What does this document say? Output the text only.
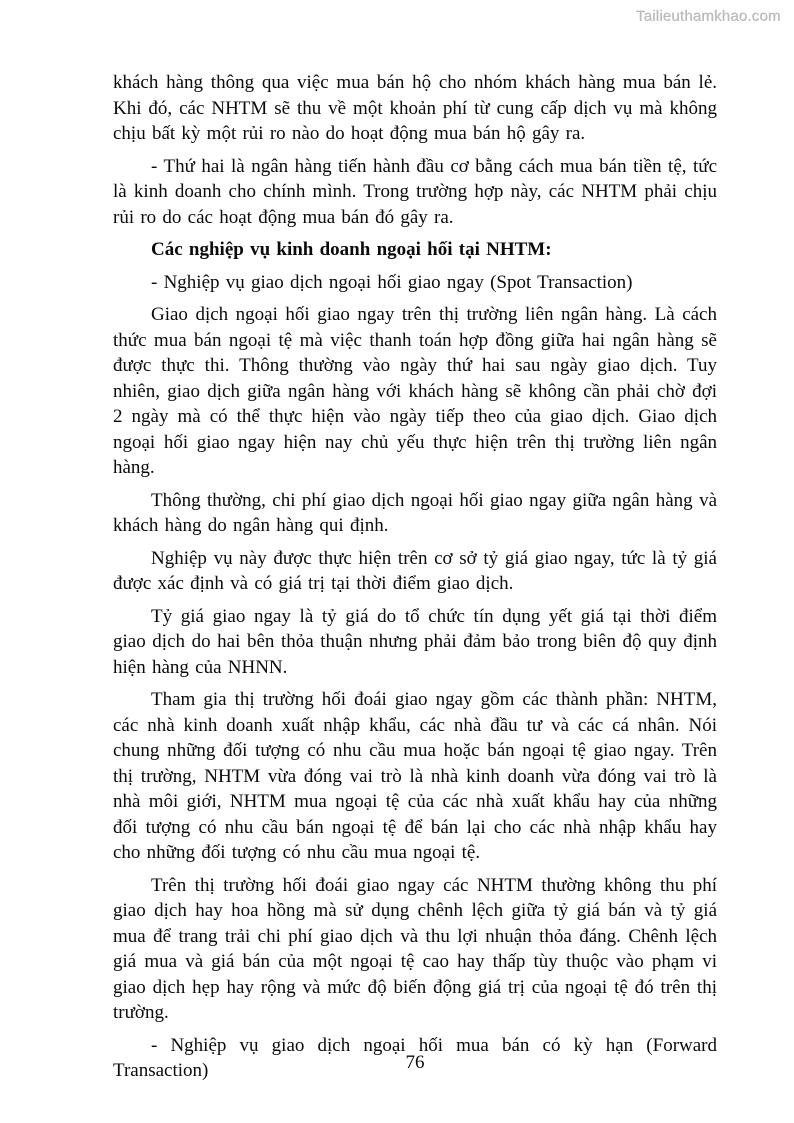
Tailieuthamkhao.com

khách hàng thông qua việc mua bán hộ cho nhóm khách hàng mua bán lẻ. Khi đó, các NHTM sẽ thu về một khoản phí từ cung cấp dịch vụ mà không chịu bất kỳ một rủi ro nào do hoạt động mua bán hộ gây ra.

- Thứ hai là ngân hàng tiến hành đầu cơ bằng cách mua bán tiền tệ, tức là kinh doanh cho chính mình. Trong trường hợp này, các NHTM phải chịu rủi ro do các hoạt động mua bán đó gây ra.

Các nghiệp vụ kinh doanh ngoại hối tại NHTM:

- Nghiệp vụ giao dịch ngoại hối giao ngay (Spot Transaction)

Giao dịch ngoại hối giao ngay trên thị trường liên ngân hàng. Là cách thức mua bán ngoại tệ mà việc thanh toán hợp đồng giữa hai ngân hàng sẽ được thực thi. Thông thường vào ngày thứ hai sau ngày giao dịch. Tuy nhiên, giao dịch giữa ngân hàng với khách hàng sẽ không cần phải chờ đợi 2 ngày mà có thể thực hiện vào ngày tiếp theo của giao dịch. Giao dịch ngoại hối giao ngay hiện nay chủ yếu thực hiện trên thị trường liên ngân hàng.

Thông thường, chi phí giao dịch ngoại hối giao ngay giữa ngân hàng và khách hàng do ngân hàng qui định.

Nghiệp vụ này được thực hiện trên cơ sở tỷ giá giao ngay, tức là tỷ giá được xác định và có giá trị tại thời điểm giao dịch.

Tỷ giá giao ngay là tỷ giá do tổ chức tín dụng yết giá tại thời điểm giao dịch do hai bên thỏa thuận nhưng phải đảm bảo trong biên độ quy định hiện hàng của NHNN.

Tham gia thị trường hối đoái giao ngay gồm các thành phần: NHTM, các nhà kinh doanh xuất nhập khẩu, các nhà đầu tư và các cá nhân. Nói chung những đối tượng có nhu cầu mua hoặc bán ngoại tệ giao ngay. Trên thị trường, NHTM vừa đóng vai trò là nhà kinh doanh vừa đóng vai trò là nhà môi giới, NHTM mua ngoại tệ của các nhà xuất khẩu hay của những đối tượng có nhu cầu bán ngoại tệ để bán lại cho các nhà nhập khẩu hay cho những đối tượng có nhu cầu mua ngoại tệ.

Trên thị trường hối đoái giao ngay các NHTM thường không thu phí giao dịch hay hoa hồng mà sử dụng chênh lệch giữa tỷ giá bán và tỷ giá mua để trang trải chi phí giao dịch và thu lợi nhuận thỏa đáng. Chênh lệch giá mua và giá bán của một ngoại tệ cao hay thấp tùy thuộc vào phạm vi giao dịch hẹp hay rộng và mức độ biến động giá trị của ngoại tệ đó trên thị trường.

- Nghiệp vụ giao dịch ngoại hối mua bán có kỳ hạn (Forward Transaction)	76
